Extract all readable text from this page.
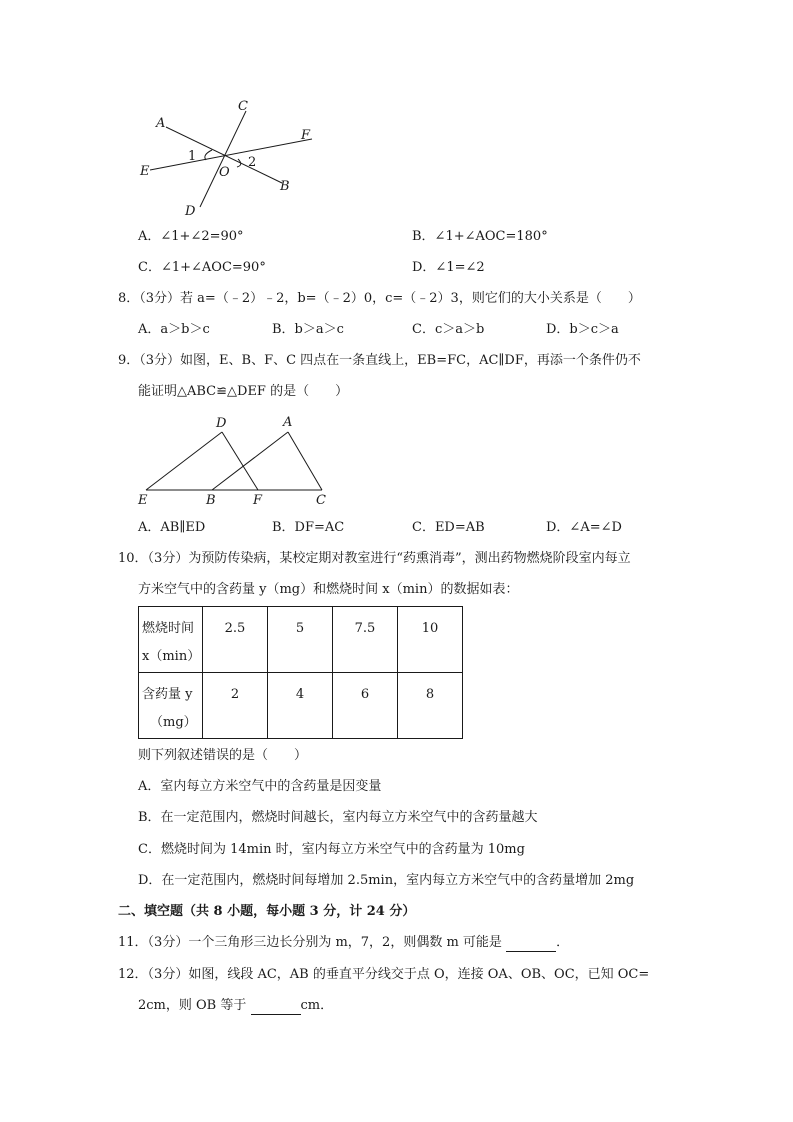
A
C
F
E	O
B
D
1	2
A．∠1+∠2=90°	B．∠1+∠AOC=180°
C．∠1+∠AOC=90°	D．∠1=∠2
8．（3分）若 a=（﹣2）﹣2，b=（﹣2）0，c=（﹣2）3，则它们的大小关系是（　　）
A．a＞b＞c	B．b＞a＞c	C．c＞a＞b	D．b＞c＞a
9．（3分）如图，E、B、F、C 四点在一条直线上，EB=FC，AC∥DF，再添一个条件仍不
能证明△ABC≌△DEF 的是（　　）
D	A
E	B	F	C
A．AB∥ED	B．DF=AC	C．ED=AB	D．∠A=∠D
10．（3分）为预防传染病，某校定期对教室进行“药熏消毒”，测出药物燃烧阶段室内每立
方米空气中的含药量 y（mg）和燃烧时间 x（min）的数据如表：
燃烧时间
x（min）	2.5	5	7.5	10

含药量 y
（mg）	2	4	6	8
则下列叙述错误的是（　　）
A．室内每立方米空气中的含药量是因变量
B．在一定范围内，燃烧时间越长，室内每立方米空气中的含药量越大
C．燃烧时间为 14min 时，室内每立方米空气中的含药量为 10mg
D．在一定范围内，燃烧时间每增加 2.5min，室内每立方米空气中的含药量增加 2mg
二、填空题（共 8 小题，每小题 3 分，计 24 分）
11．（3分）一个三角形三边长分别为 m，7，2，则偶数 m 可能是	．
12．（3分）如图，线段 AC，AB 的垂直平分线交于点 O，连接 OA、OB、OC，已知 OC=
2cm，则 OB 等于	cm．
